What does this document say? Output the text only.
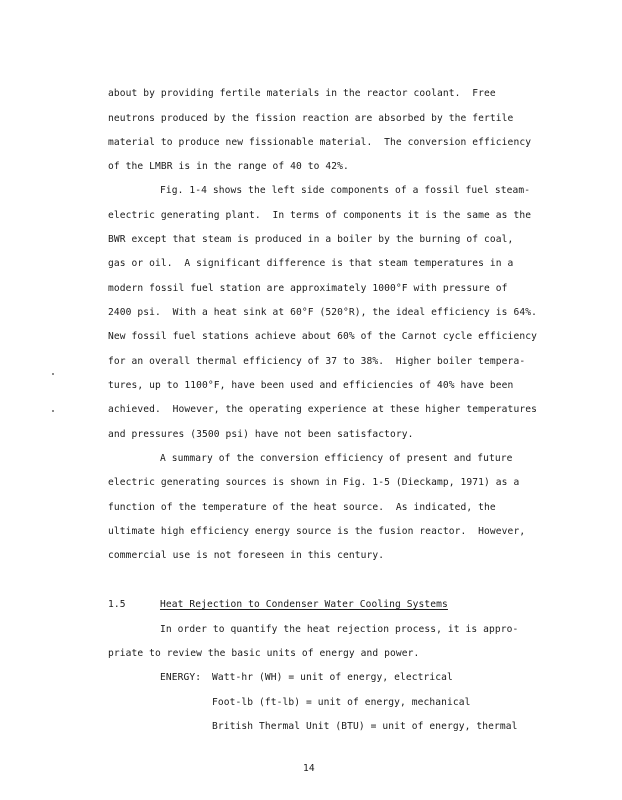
about by providing fertile materials in the reactor coolant.  Free
neutrons produced by the fission reaction are absorbed by the fertile
material to produce new fissionable material.  The conversion efficiency
of the LMBR is in the range of 40 to 42%.
Fig. 1-4 shows the left side components of a fossil fuel steam-
electric generating plant.  In terms of components it is the same as the
BWR except that steam is produced in a boiler by the burning of coal,
gas or oil.  A significant difference is that steam temperatures in a
modern fossil fuel station are approximately 1000°F with pressure of
2400 psi.  With a heat sink at 60°F (520°R), the ideal efficiency is 64%.
New fossil fuel stations achieve about 60% of the Carnot cycle efficiency
for an overall thermal efficiency of 37 to 38%.  Higher boiler tempera-
tures, up to 1100°F, have been used and efficiencies of 40% have been
achieved.  However, the operating experience at these higher temperatures
and pressures (3500 psi) have not been satisfactory.
A summary of the conversion efficiency of present and future
electric generating sources is shown in Fig. 1-5 (Dieckamp, 1971) as a
function of the temperature of the heat source.  As indicated, the
ultimate high efficiency energy source is the fusion reactor.  However,
commercial use is not foreseen in this century.
1.5	Heat Rejection to Condenser Water Cooling Systems
In order to quantify the heat rejection process, it is appro-
priate to review the basic units of energy and power.
ENERGY: Watt-hr (WH) = unit of energy, electrical
Foot-lb (ft-lb) = unit of energy, mechanical
British Thermal Unit (BTU) = unit of energy, thermal
14
